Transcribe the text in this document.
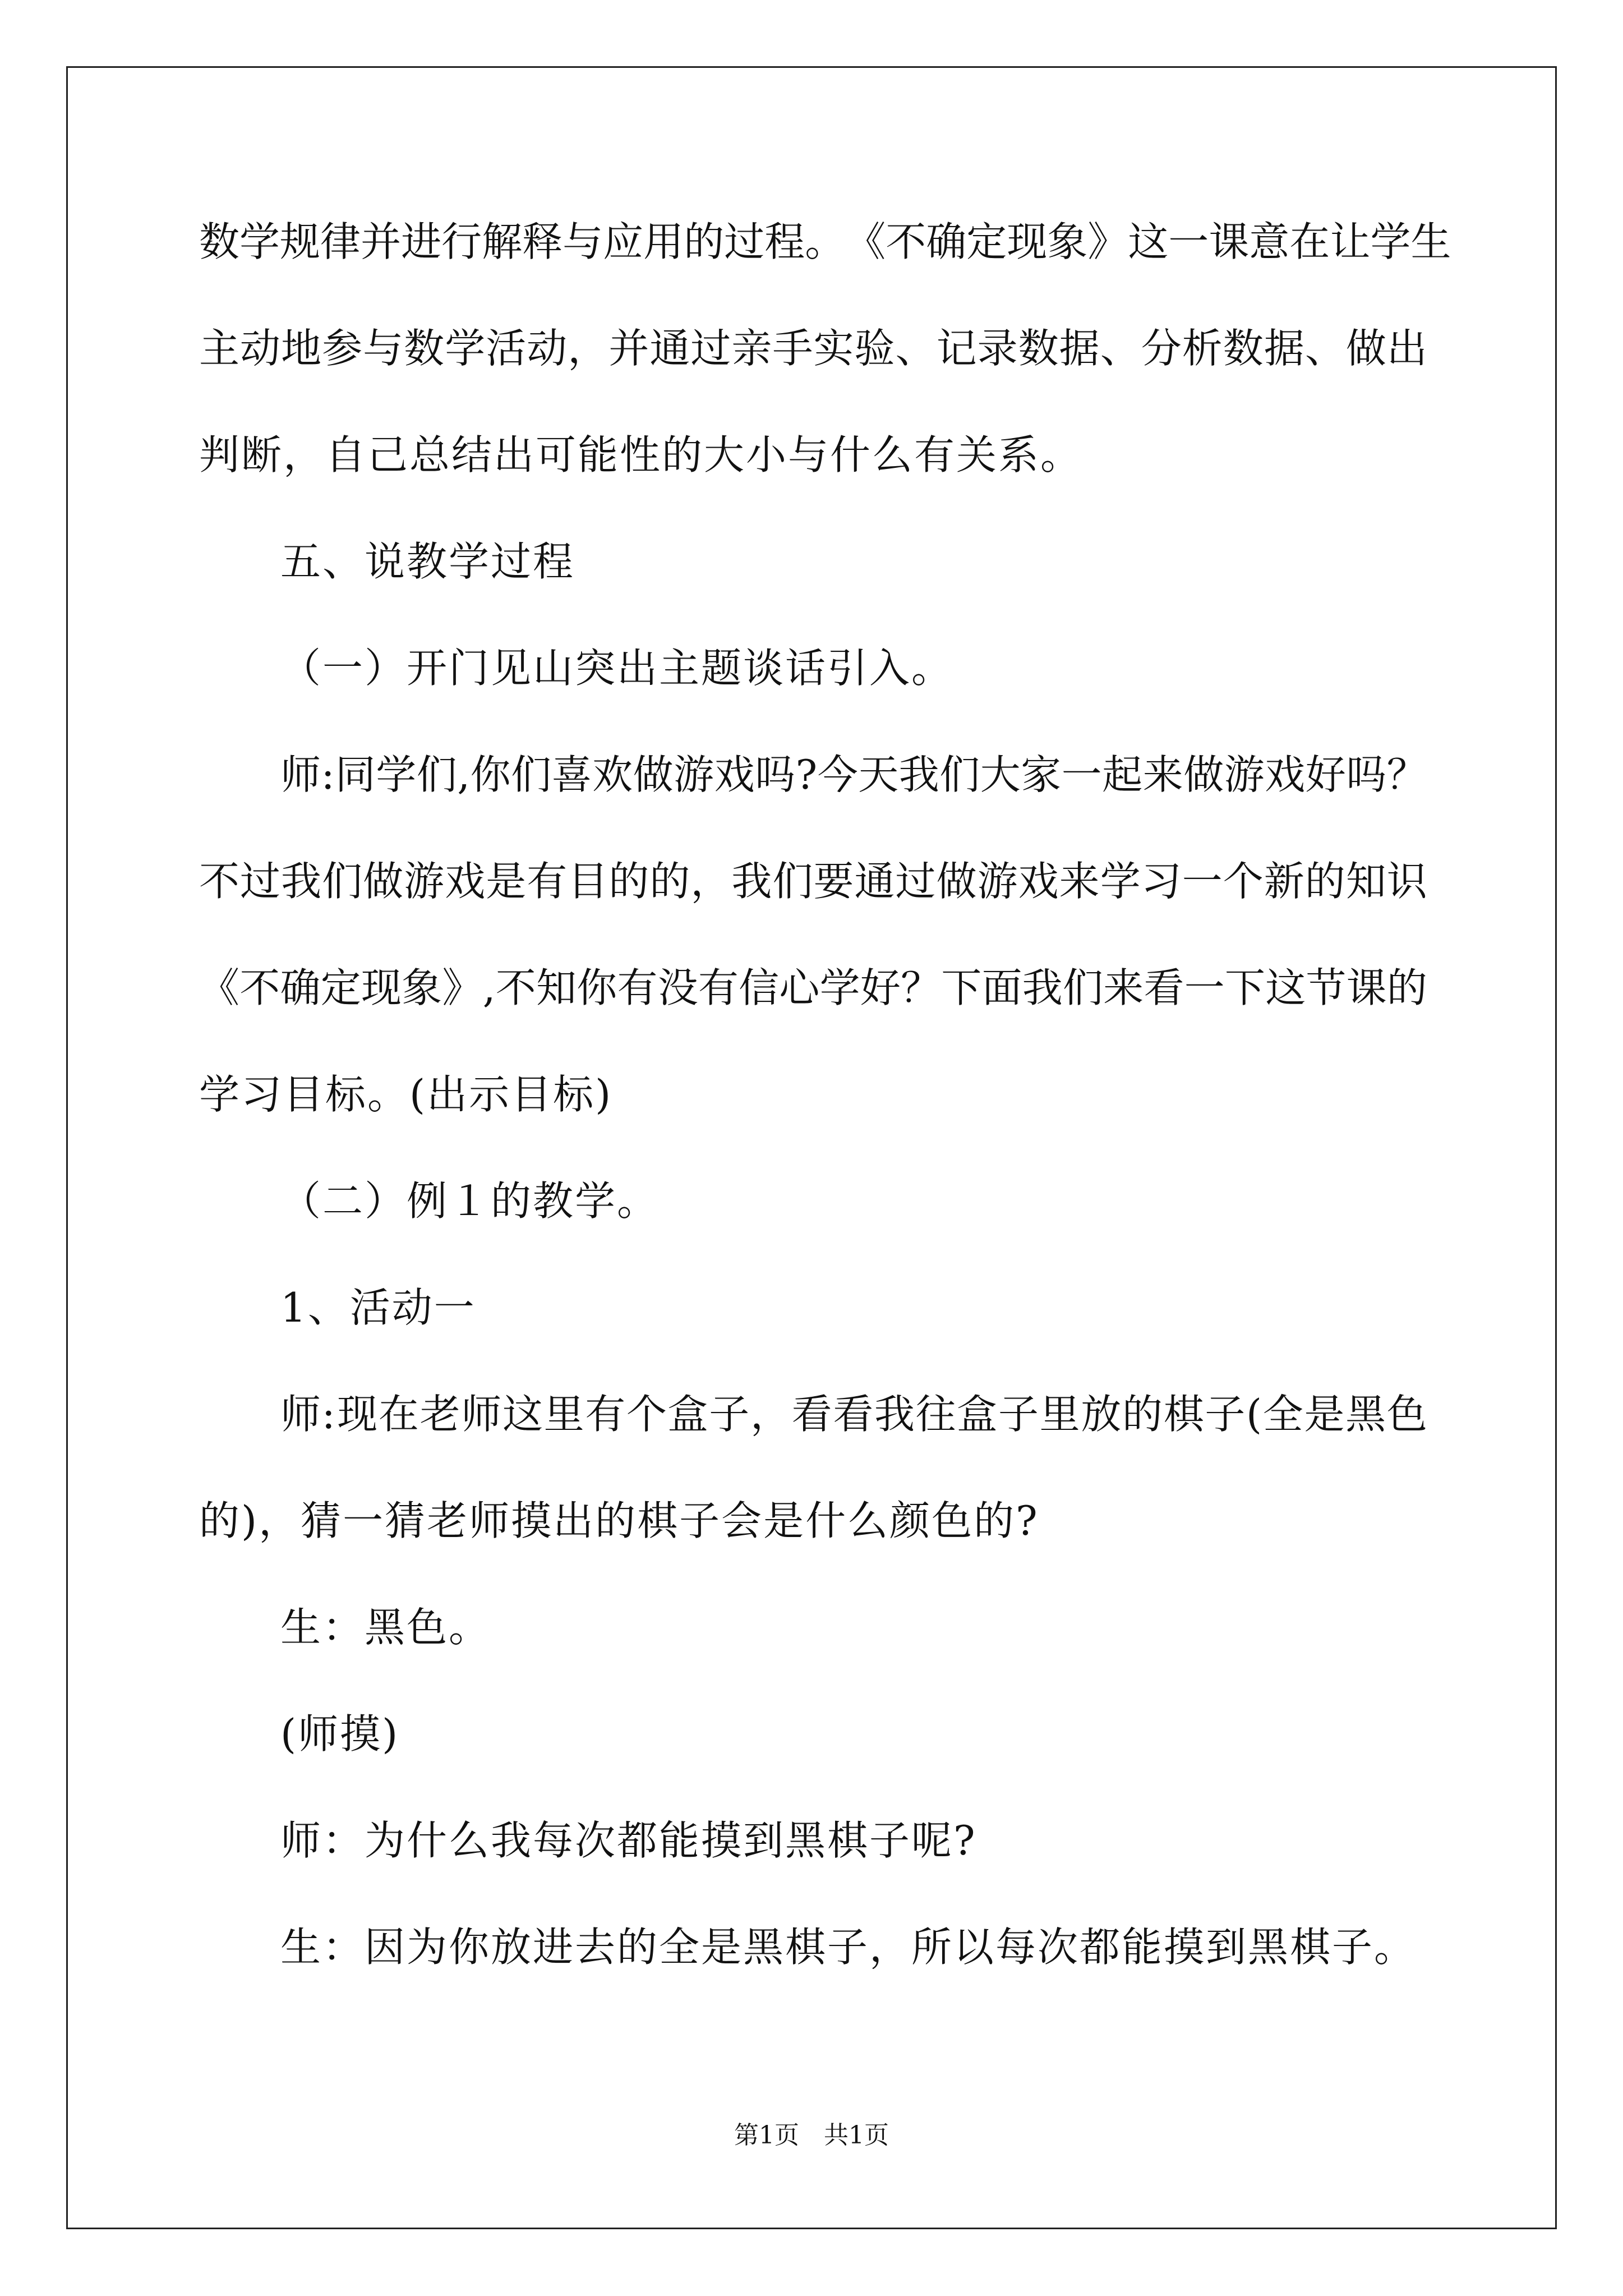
数 学 规 律 并 进 行 解 释 与 应 用 的 过 程 。 《 不 确 定 现 象 》 这 一 课 意 在 让 学 生
主 动 地 参 与 数 学 活 动 ， 并 通 过 亲 手 实 验 、 记 录 数 据 、 分 析 数 据 、 做 出
判断，自己总结出可能性的大小与什么有关系。
五、说教学过程
（一）开门见山突出主题谈话引入。
师 : 同 学 们 , 你 们 喜 欢 做 游 戏 吗 ? 今 天 我 们 大 家 一 起 来 做 游 戏 好 吗 ？
不 过 我 们 做 游 戏 是 有 目 的 的 ， 我 们 要 通 过 做 游 戏 来 学 习 一 个 新 的 知 识
《 不 确 定 现 象 》 , 不 知 你 有 没 有 信 心 学 好 ？ 下 面 我 们 来 看 一 下 这 节 课 的
学习目标。(出示目标)
（二）例１的教学。
1、活动一
师 : 现 在 老 师 这 里 有 个 盒 子 ， 看 看 我 往 盒 子 里 放 的 棋 子 ( 全 是 黑 色
的)，猜一猜老师摸出的棋子会是什么颜色的?
生：黑色。
(师摸)
师：为什么我每次都能摸到黑棋子呢?
生：因为你放进去的全是黑棋子，所以每次都能摸到黑棋子。
第1页　共1页
